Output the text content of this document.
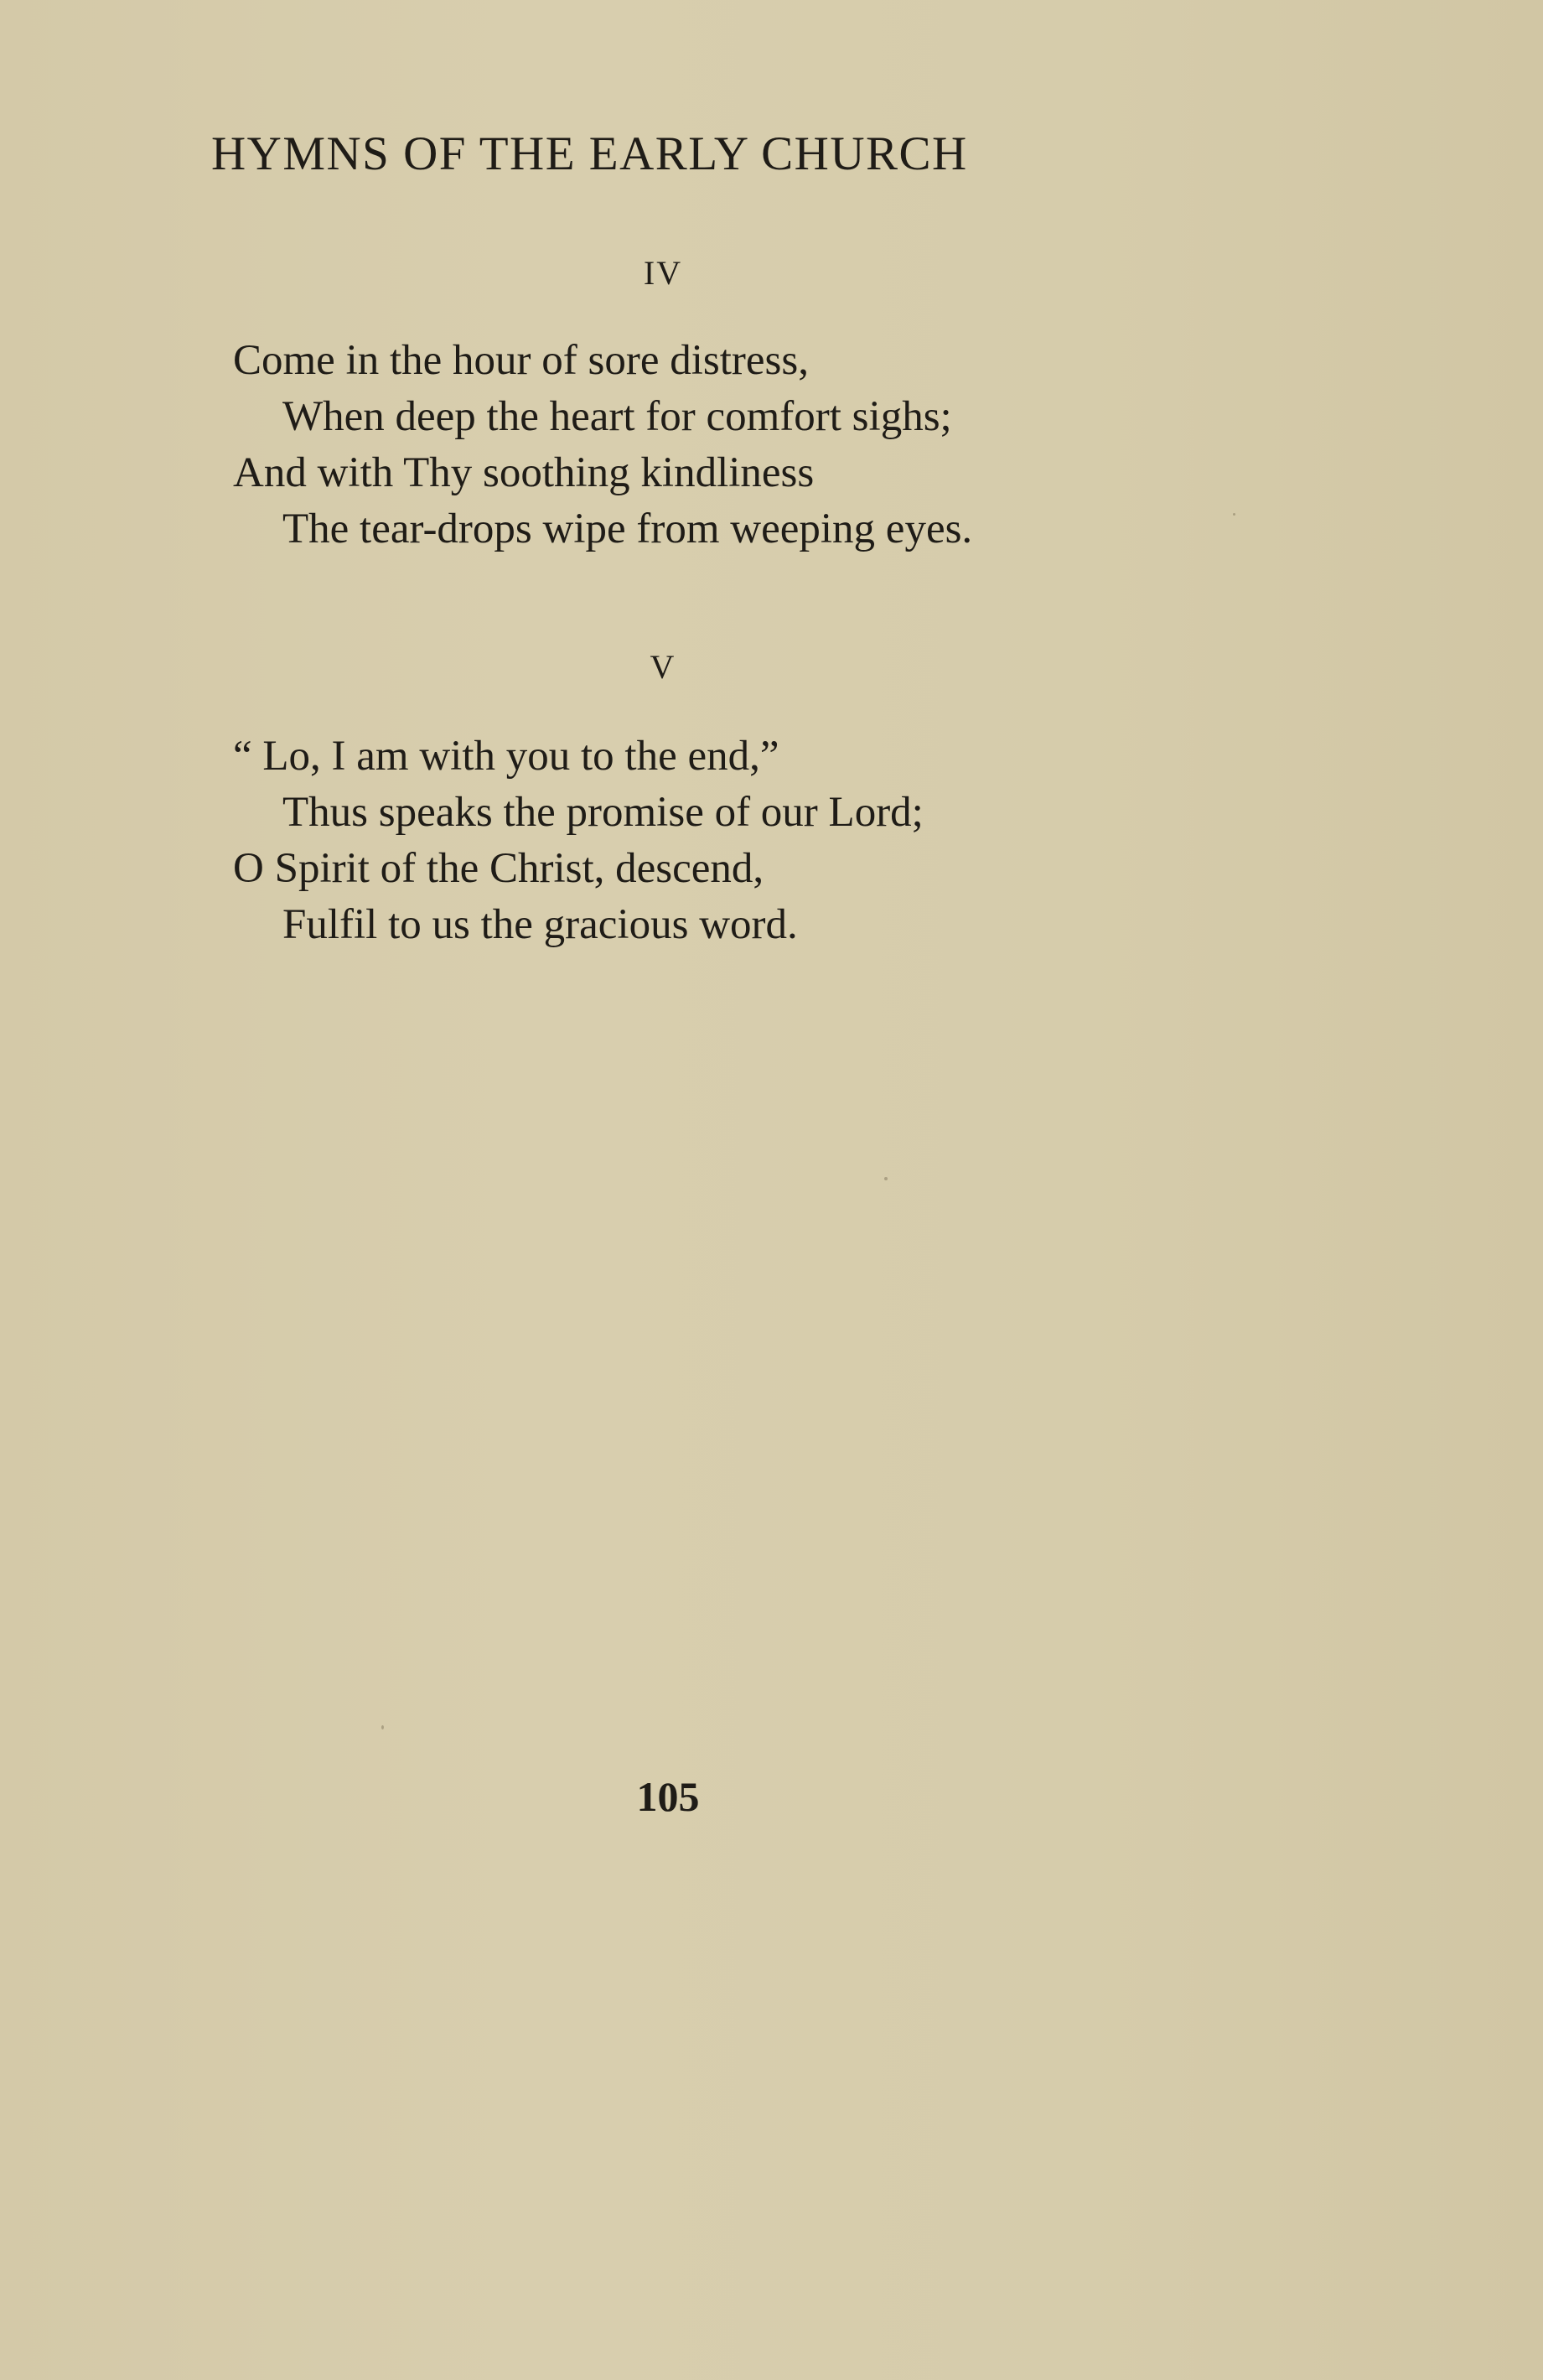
HYMNS OF THE EARLY CHURCH
IV
Come in the hour of sore distress,
When deep the heart for comfort sighs;
And with Thy soothing kindliness
The tear-drops wipe from weeping eyes.
V
“ Lo, I am with you to the end,”
Thus speaks the promise of our Lord;
O Spirit of the Christ, descend,
Fulfil to us the gracious word.
105
